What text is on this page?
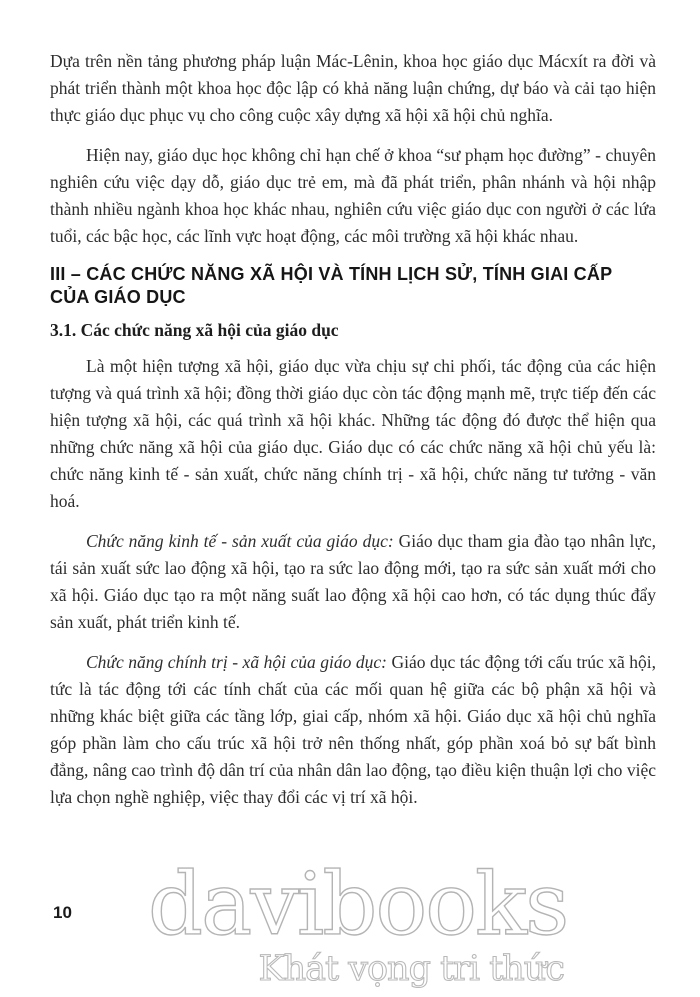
Dựa trên nền tảng phương pháp luận Mác-Lênin, khoa học giáo dục Mácxít ra đời và phát triển thành một khoa học độc lập có khả năng luận chứng, dự báo và cải tạo hiện thực giáo dục phục vụ cho công cuộc xây dựng xã hội xã hội chủ nghĩa.

Hiện nay, giáo dục học không chỉ hạn chế ở khoa “sư phạm học đường” - chuyên nghiên cứu việc dạy dỗ, giáo dục trẻ em, mà đã phát triển, phân nhánh và hội nhập thành nhiều ngành khoa học khác nhau, nghiên cứu việc giáo dục con người ở các lứa tuổi, các bậc học, các lĩnh vực hoạt động, các môi trường xã hội khác nhau.

III – CÁC CHỨC NĂNG XÃ HỘI VÀ TÍNH LỊCH SỬ, TÍNH GIAI CẤP
CỦA GIÁO DỤC
3.1. Các chức năng xã hội của giáo dục

Là một hiện tượng xã hội, giáo dục vừa chịu sự chi phối, tác động của các hiện tượng và quá trình xã hội; đồng thời giáo dục còn tác động mạnh mẽ, trực tiếp đến các hiện tượng xã hội, các quá trình xã hội khác. Những tác động đó được thể hiện qua những chức năng xã hội của giáo dục. Giáo dục có các chức năng xã hội chủ yếu là: chức năng kinh tế - sản xuất, chức năng chính trị - xã hội, chức năng tư tưởng - văn hoá.

Chức năng kinh tế - sản xuất của giáo dục: Giáo dục tham gia đào tạo nhân lực, tái sản xuất sức lao động xã hội, tạo ra sức lao động mới, tạo ra sức sản xuất mới cho xã hội. Giáo dục tạo ra một năng suất lao động xã hội cao hơn, có tác dụng thúc đẩy sản xuất, phát triển kinh tế.

Chức năng chính trị - xã hội của giáo dục: Giáo dục tác động tới cấu trúc xã hội, tức là tác động tới các tính chất của các mối quan hệ giữa các bộ phận xã hội và những khác biệt giữa các tầng lớp, giai cấp, nhóm xã hội. Giáo dục xã hội chủ nghĩa góp phần làm cho cấu trúc xã hội trở nên thống nhất, góp phần xoá bỏ sự bất bình đẳng, nâng cao trình độ dân trí của nhân dân lao động, tạo điều kiện thuận lợi cho việc lựa chọn nghề nghiệp, việc thay đổi các vị trí xã hội.

10 davibooks
Khát vọng tri thức
